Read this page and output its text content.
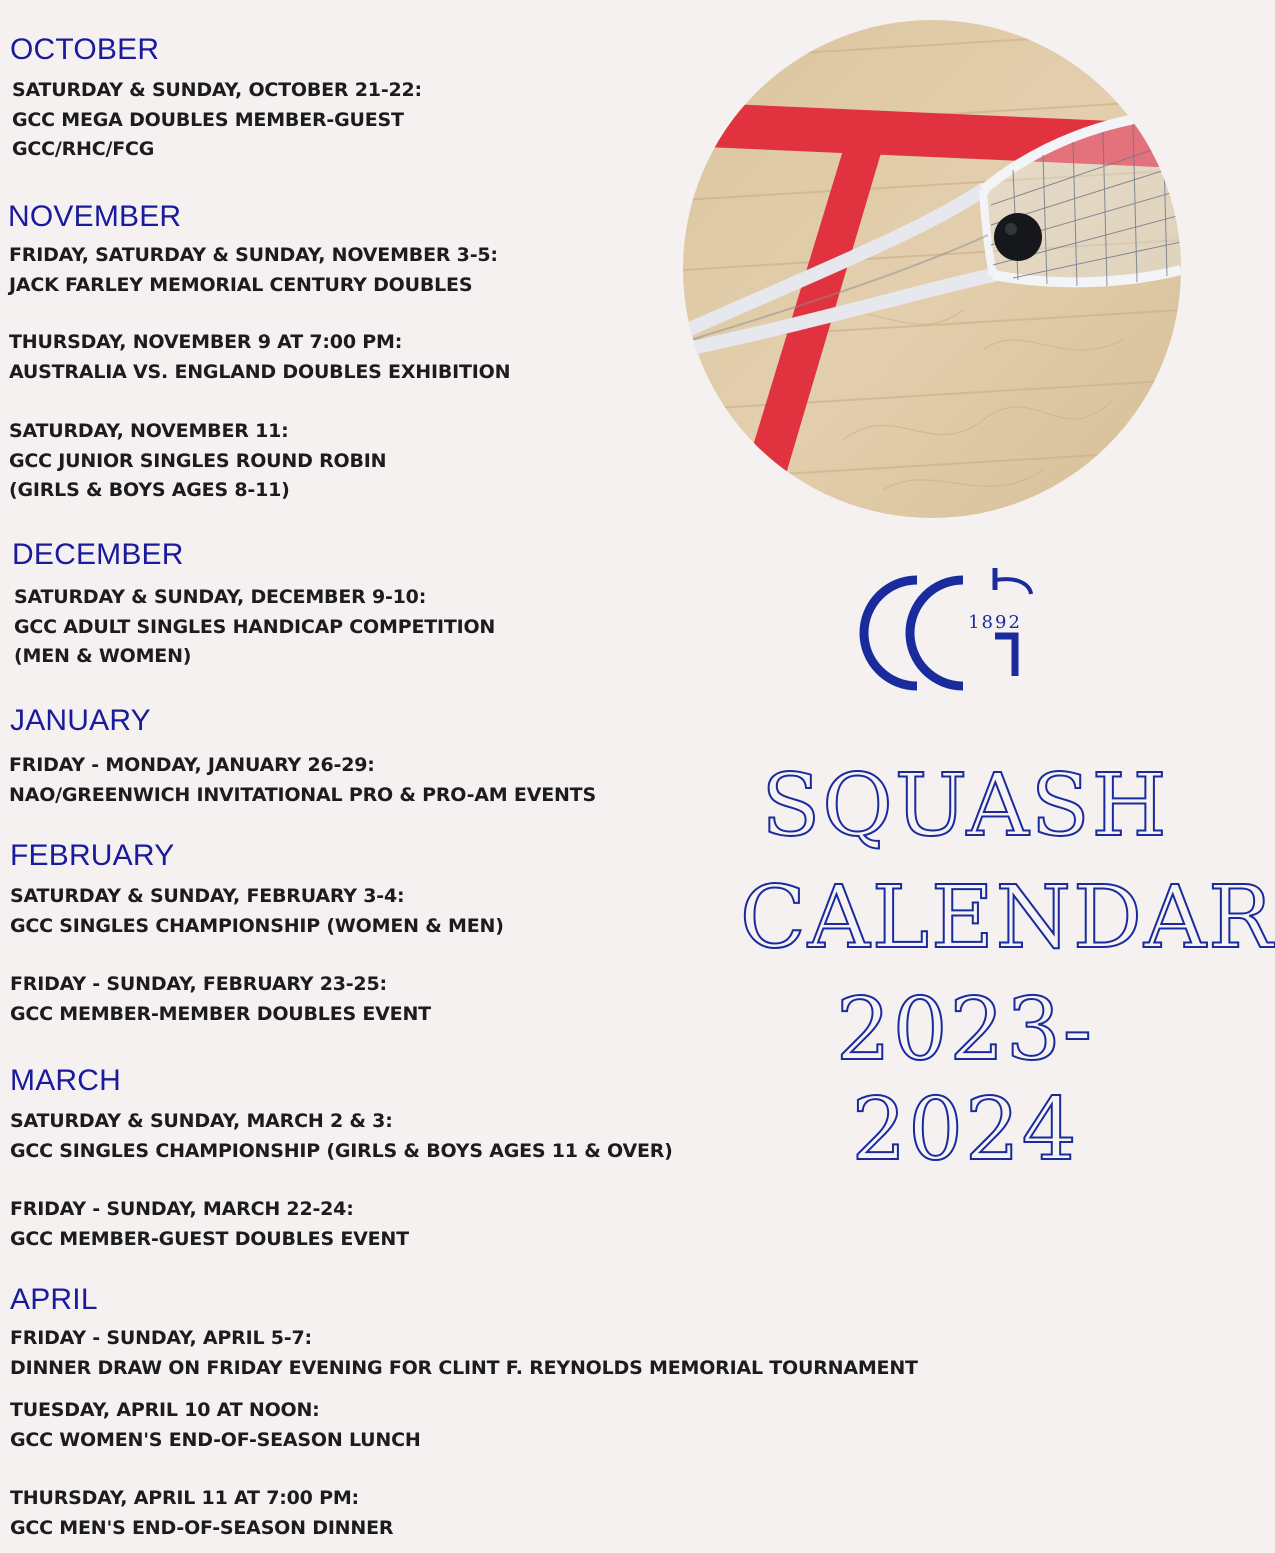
OCTOBER
SATURDAY & SUNDAY, OCTOBER 21-22:
GCC MEGA DOUBLES MEMBER-GUEST
GCC/RHC/FCG
NOVEMBER
FRIDAY, SATURDAY & SUNDAY, NOVEMBER 3-5:
JACK FARLEY MEMORIAL CENTURY DOUBLES
THURSDAY, NOVEMBER 9 AT 7:00 PM:
AUSTRALIA VS. ENGLAND DOUBLES EXHIBITION
SATURDAY, NOVEMBER 11:
GCC JUNIOR SINGLES ROUND ROBIN
(GIRLS & BOYS AGES 8-11)
DECEMBER
SATURDAY & SUNDAY, DECEMBER 9-10:
GCC ADULT SINGLES HANDICAP COMPETITION
(MEN & WOMEN)
JANUARY
FRIDAY - MONDAY, JANUARY 26-29:
NAO/GREENWICH INVITATIONAL PRO & PRO-AM EVENTS
FEBRUARY
SATURDAY & SUNDAY, FEBRUARY 3-4:
GCC SINGLES CHAMPIONSHIP (WOMEN & MEN)
FRIDAY - SUNDAY, FEBRUARY 23-25:
GCC MEMBER-MEMBER DOUBLES EVENT
MARCH
SATURDAY & SUNDAY, MARCH 2 & 3:
GCC SINGLES CHAMPIONSHIP (GIRLS & BOYS AGES 11 & OVER)
FRIDAY - SUNDAY, MARCH 22-24:
GCC MEMBER-GUEST DOUBLES EVENT
APRIL
FRIDAY - SUNDAY, APRIL 5-7:
DINNER DRAW ON FRIDAY EVENING FOR CLINT F. REYNOLDS MEMORIAL TOURNAMENT
TUESDAY, APRIL 10 AT NOON:
GCC WOMEN'S END-OF-SEASON LUNCH
THURSDAY, APRIL 11 AT 7:00 PM:
GCC MEN'S END-OF-SEASON DINNER
1892
SQUASH
CALENDAR
2023-2024
